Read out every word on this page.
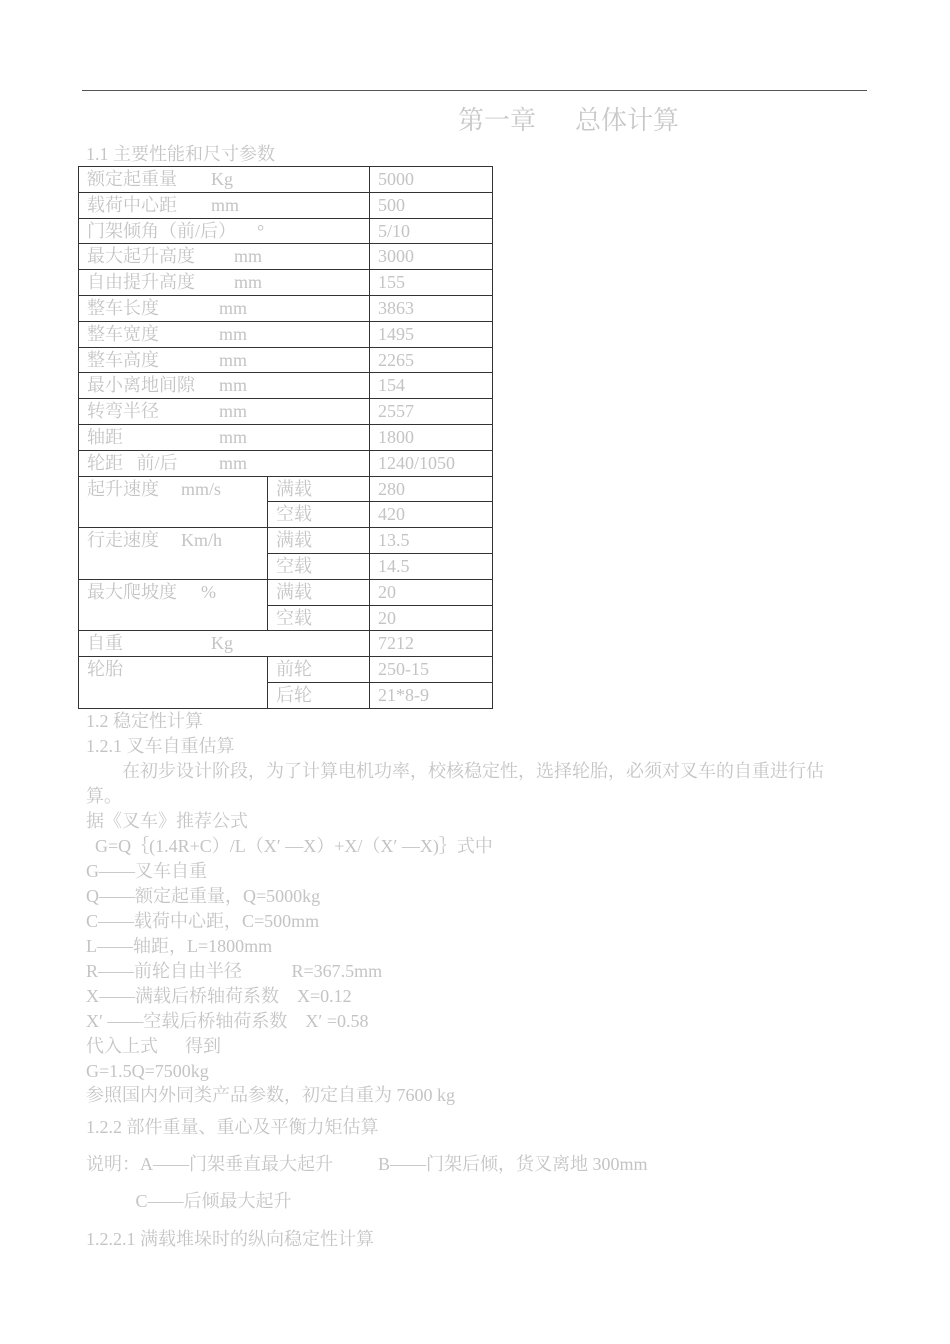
第一章      总体计算
1.1 主要性能和尺寸参数
额定起重量 Kg		5000
载荷中心距 mm		500
门架倾角（前/后） °		5/10
最大起升高度 mm		3000
自由提升高度 mm		155
整车长度 mm		3863
整车宽度 mm		1495
整车高度 mm		2265
最小离地间隙 mm		154
转弯半径 mm		2557
轴距 mm		1800
轮距   前/后 mm		1240/1050
起升速度 mm/s	满载	280
	空载	420
行走速度 Km/h	满载	13.5
	空载	14.5
最大爬坡度 %	满载	20
	空载	20
自重 Kg		7212
轮胎	前轮	250-15
	后轮	21*8-9
1.2 稳定性计算
1.2.1 叉车自重估算
在初步设计阶段，为了计算电机功率，校核稳定性，选择轮胎，必须对叉车的自重进行估
算。
据《叉车》推荐公式
G=Q｛(1.4R+C）/L（X′ —X）+X/（X′ —X)｝式中
G——叉车自重
Q——额定起重量，Q=5000kg
C——载荷中心距，C=500mm
L——轴距，L=1800mm
R——前轮自由半径           R=367.5mm
X——满载后桥轴荷系数    X=0.12
X′ ——空载后桥轴荷系数    X′ =0.58
代入上式      得到
G=1.5Q=7500kg
参照国内外同类产品参数，初定自重为 7600 kg
1.2.2 部件重量、重心及平衡力矩估算
说明：A——门架垂直最大起升          B——门架后倾，货叉离地 300mm
C——后倾最大起升
1.2.2.1 满载堆垛时的纵向稳定性计算
